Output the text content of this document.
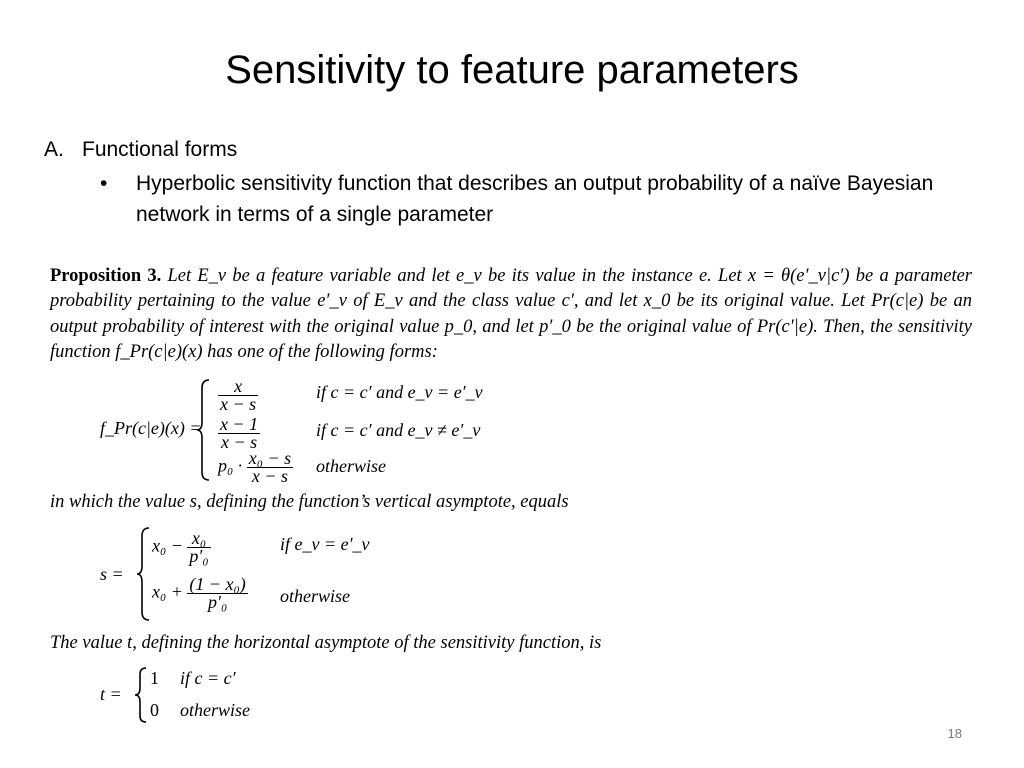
Sensitivity to feature parameters
A. Functional forms
• Hyperbolic sensitivity function that describes an output probability of a naïve Bayesian network in terms of a single parameter
Proposition 3. Let E_v be a feature variable and let e_v be its value in the instance e. Let x = θ(e′_v|c′) be a parameter probability pertaining to the value e′_v of E_v and the class value c′, and let x_0 be its original value. Let Pr(c|e) be an output probability of interest with the original value p_0, and let p′_0 be the original value of Pr(c′|e). Then, the sensitivity function f_Pr(c|e)(x) has one of the following forms:
f_Pr(c|e)(x) =
$\frac{x}{x - s}$	if c = c′ and e_v = e′_v
$\frac{x - 1}{x - s}$	if c = c′ and e_v ≠ e′_v
$p_0 \cdot \frac{\text{x₀ − s}}{x - s}$ otherwise
in which the value s, defining the function’s vertical asymptote, equals
s =
$x_0 - \frac{\text{x₀}}{\text{p′₀}}$	if e_v = e′_v
$x_0 + \frac{\text{(1 − x₀)}}{\text{p′₀}}$ otherwise
The value t, defining the horizontal asymptote of the sensitivity function, is
t =
1 if c = c′
0 otherwise
18
